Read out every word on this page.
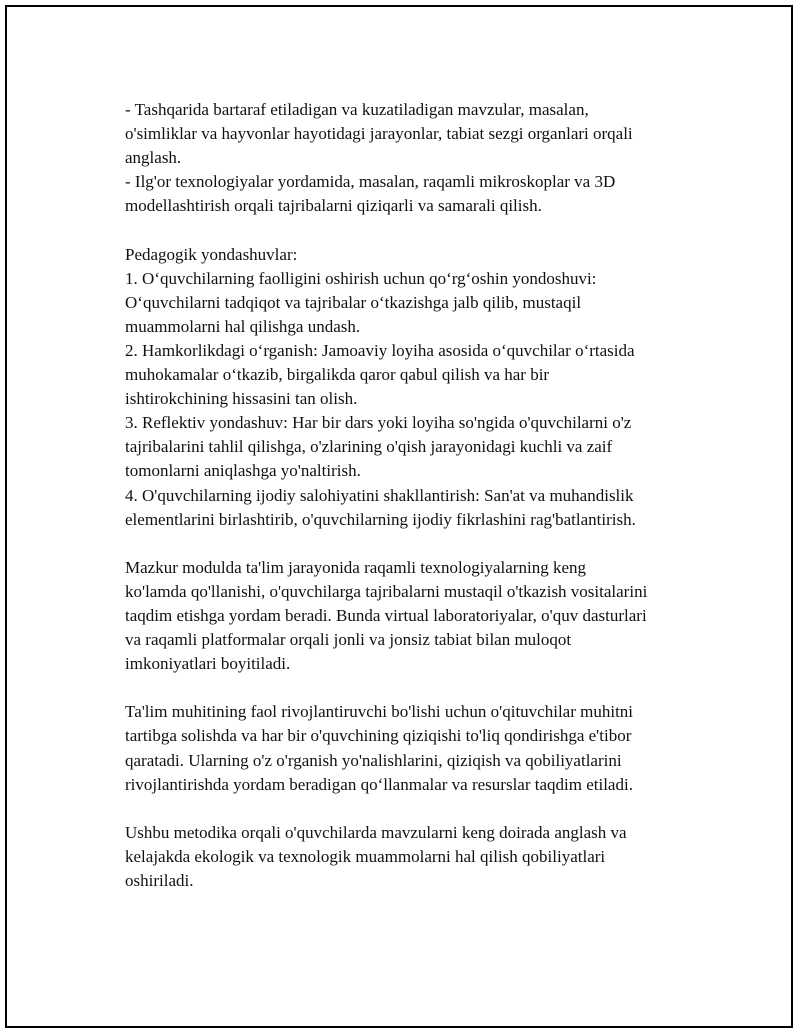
- Tashqarida bartaraf etiladigan va kuzatiladigan mavzular, masalan,
o'simliklar va hayvonlar hayotidagi jarayonlar, tabiat sezgi organlari orqali
anglash.
- Ilg'or texnologiyalar yordamida, masalan, raqamli mikroskoplar va 3D
modellashtirish orqali tajribalarni qiziqarli va samarali qilish.
Pedagogik yondashuvlar:
1. O‘quvchilarning faolligini oshirish uchun qo‘rg‘oshin yondoshuvi:
O‘quvchilarni tadqiqot va tajribalar o‘tkazishga jalb qilib, mustaqil
muammolarni hal qilishga undash.
2. Hamkorlikdagi o‘rganish: Jamoaviy loyiha asosida o‘quvchilar o‘rtasida
muhokamalar o‘tkazib, birgalikda qaror qabul qilish va har bir
ishtirokchining hissasini tan olish.
3. Reflektiv yondashuv: Har bir dars yoki loyiha so'ngida o'quvchilarni o'z
tajribalarini tahlil qilishga, o'zlarining o'qish jarayonidagi kuchli va zaif
tomonlarni aniqlashga yo'naltirish.
4. O'quvchilarning ijodiy salohiyatini shakllantirish: San'at va muhandislik
elementlarini birlashtirib, o'quvchilarning ijodiy fikrlashini rag'batlantirish.
Mazkur modulda ta'lim jarayonida raqamli texnologiyalarning keng
ko'lamda qo'llanishi, o'quvchilarga tajribalarni mustaqil o'tkazish vositalarini
taqdim etishga yordam beradi. Bunda virtual laboratoriyalar, o'quv dasturlari
va raqamli platformalar orqali jonli va jonsiz tabiat bilan muloqot
imkoniyatlari boyitiladi.
Ta'lim muhitining faol rivojlantiruvchi bo'lishi uchun o'qituvchilar muhitni
tartibga solishda va har bir o'quvchining qiziqishi to'liq qondirishga e'tibor
qaratadi. Ularning o'z o'rganish yo'nalishlarini, qiziqish va qobiliyatlarini
rivojlantirishda yordam beradigan qo‘llanmalar va resurslar taqdim etiladi.
Ushbu metodika orqali o'quvchilarda mavzularni keng doirada anglash va
kelajakda ekologik va texnologik muammolarni hal qilish qobiliyatlari
oshiriladi.
